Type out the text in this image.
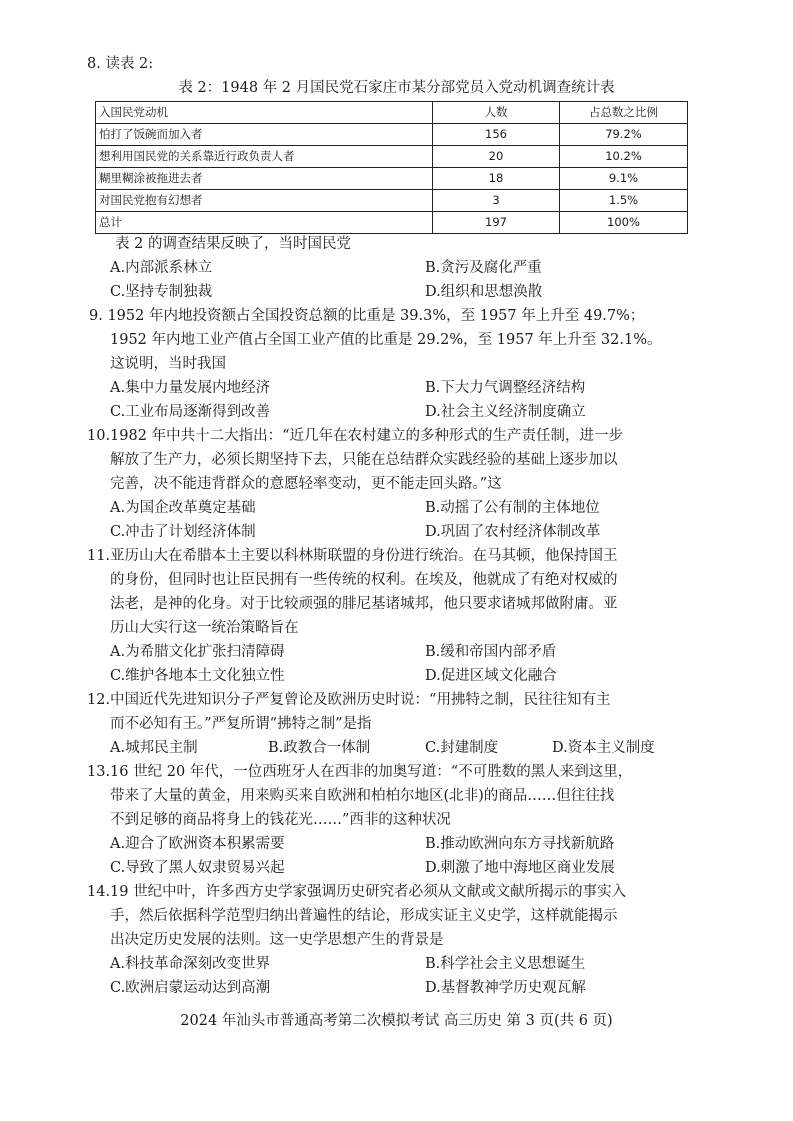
8. 读表 2:
表 2：1948 年 2 月国民党石家庄市某分部党员入党动机调查统计表
入国民党动机	人数	占总数之比例
怕打了饭碗而加入者	156	79.2%
想利用国民党的关系靠近行政负责人者	20	10.2%
糊里糊涂被拖进去者	18	9.1%
对国民党抱有幻想者	3	1.5%
总计	197	100%
表 2 的调查结果反映了，当时国民党
A.内部派系林立	B.贪污及腐化严重
C.坚持专制独裁	D.组织和思想涣散
9. 1952 年内地投资额占全国投资总额的比重是 39.3%，至 1957 年上升至 49.7%；
1952 年内地工业产值占全国工业产值的比重是 29.2%，至 1957 年上升至 32.1%。
这说明，当时我国
A.集中力量发展内地经济	B.下大力气调整经济结构
C.工业布局逐渐得到改善	D.社会主义经济制度确立
10.1982 年中共十二大指出：“近几年在农村建立的多种形式的生产责任制，进一步
解放了生产力，必须长期坚持下去，只能在总结群众实践经验的基础上逐步加以
完善，决不能违背群众的意愿轻率变动，更不能走回头路。”这
A.为国企改革奠定基础	B.动摇了公有制的主体地位
C.冲击了计划经济体制	D.巩固了农村经济体制改革
11.亚历山大在希腊本土主要以科林斯联盟的身份进行统治。在马其顿，他保持国王
的身份，但同时也让臣民拥有一些传统的权利。在埃及，他就成了有绝对权威的
法老，是神的化身。对于比较顽强的腓尼基诸城邦，他只要求诸城邦做附庸。亚
历山大实行这一统治策略旨在
A.为希腊文化扩张扫清障碍	B.缓和帝国内部矛盾
C.维护各地本土文化独立性	D.促进区域文化融合
12.中国近代先进知识分子严复曾论及欧洲历史时说：“用拂特之制，民往往知有主
而不必知有王。”严复所谓“拂特之制”是指
A.城邦民主制	B.政教合一体制	C.封建制度	D.资本主义制度
13.16 世纪 20 年代，一位西班牙人在西非的加奥写道：“不可胜数的黑人来到这里，
带来了大量的黄金，用来购买来自欧洲和柏柏尔地区(北非)的商品……但往往找
不到足够的商品将身上的钱花光……”西非的这种状况
A.迎合了欧洲资本积累需要	B.推动欧洲向东方寻找新航路
C.导致了黑人奴隶贸易兴起	D.刺激了地中海地区商业发展
14.19 世纪中叶，许多西方史学家强调历史研究者必须从文献或文献所揭示的事实入
手，然后依据科学范型归纳出普遍性的结论，形成实证主义史学，这样就能揭示
出决定历史发展的法则。这一史学思想产生的背景是
A.科技革命深刻改变世界	B.科学社会主义思想诞生
C.欧洲启蒙运动达到高潮	D.基督教神学历史观瓦解
2024 年汕头市普通高考第二次模拟考试 高三历史 第 3 页(共 6 页)
